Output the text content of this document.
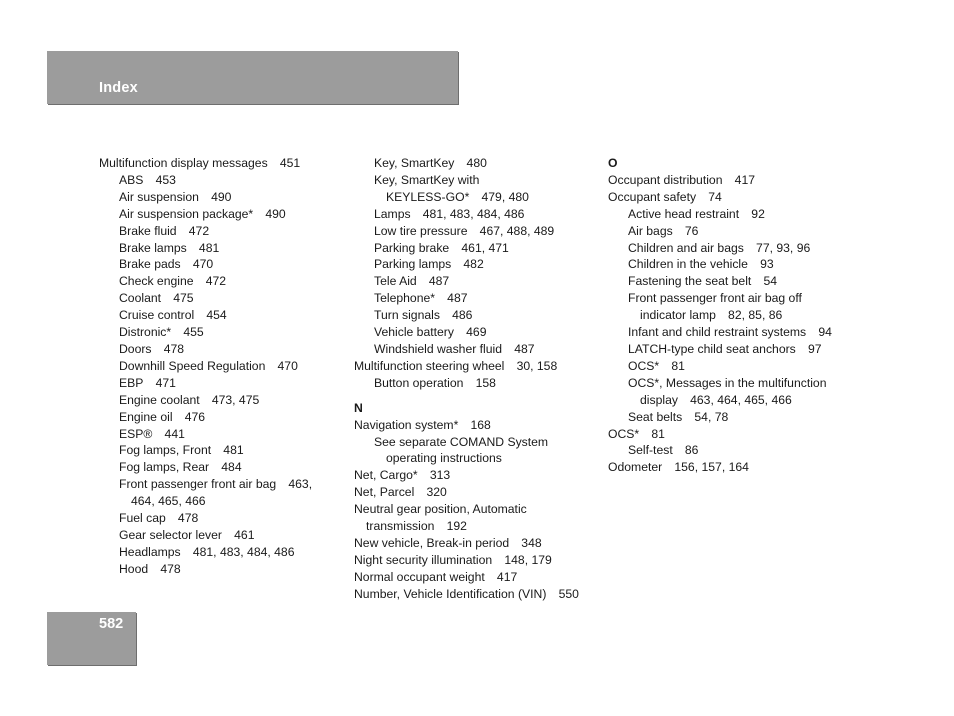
Index
Multifunction display messages  451
ABS  453
Air suspension  490
Air suspension package*  490
Brake fluid  472
Brake lamps  481
Brake pads  470
Check engine  472
Coolant  475
Cruise control  454
Distronic*  455
Doors  478
Downhill Speed Regulation  470
EBP  471
Engine coolant  473, 475
Engine oil  476
ESP®  441
Fog lamps, Front  481
Fog lamps, Rear  484
Front passenger front air bag  463,
464, 465, 466
Fuel cap  478
Gear selector lever  461
Headlamps  481, 483, 484, 486
Hood  478
Key, SmartKey  480
Key, SmartKey with
KEYLESS-GO*  479, 480
Lamps  481, 483, 484, 486
Low tire pressure  467, 488, 489
Parking brake  461, 471
Parking lamps  482
Tele Aid  487
Telephone*  487
Turn signals  486
Vehicle battery  469
Windshield washer fluid  487
Multifunction steering wheel  30, 158
Button operation  158
N
Navigation system*  168
See separate COMAND System
operating instructions
Net, Cargo*  313
Net, Parcel  320
Neutral gear position, Automatic
transmission  192
New vehicle, Break-in period  348
Night security illumination  148, 179
Normal occupant weight  417
Number, Vehicle Identification (VIN)  550
O
Occupant distribution  417
Occupant safety  74
Active head restraint  92
Air bags  76
Children and air bags  77, 93, 96
Children in the vehicle  93
Fastening the seat belt  54
Front passenger front air bag off
indicator lamp  82, 85, 86
Infant and child restraint systems  94
LATCH-type child seat anchors  97
OCS*  81
OCS*, Messages in the multifunction
display  463, 464, 465, 466
Seat belts  54, 78
OCS*  81
Self-test  86
Odometer  156, 157, 164
582
